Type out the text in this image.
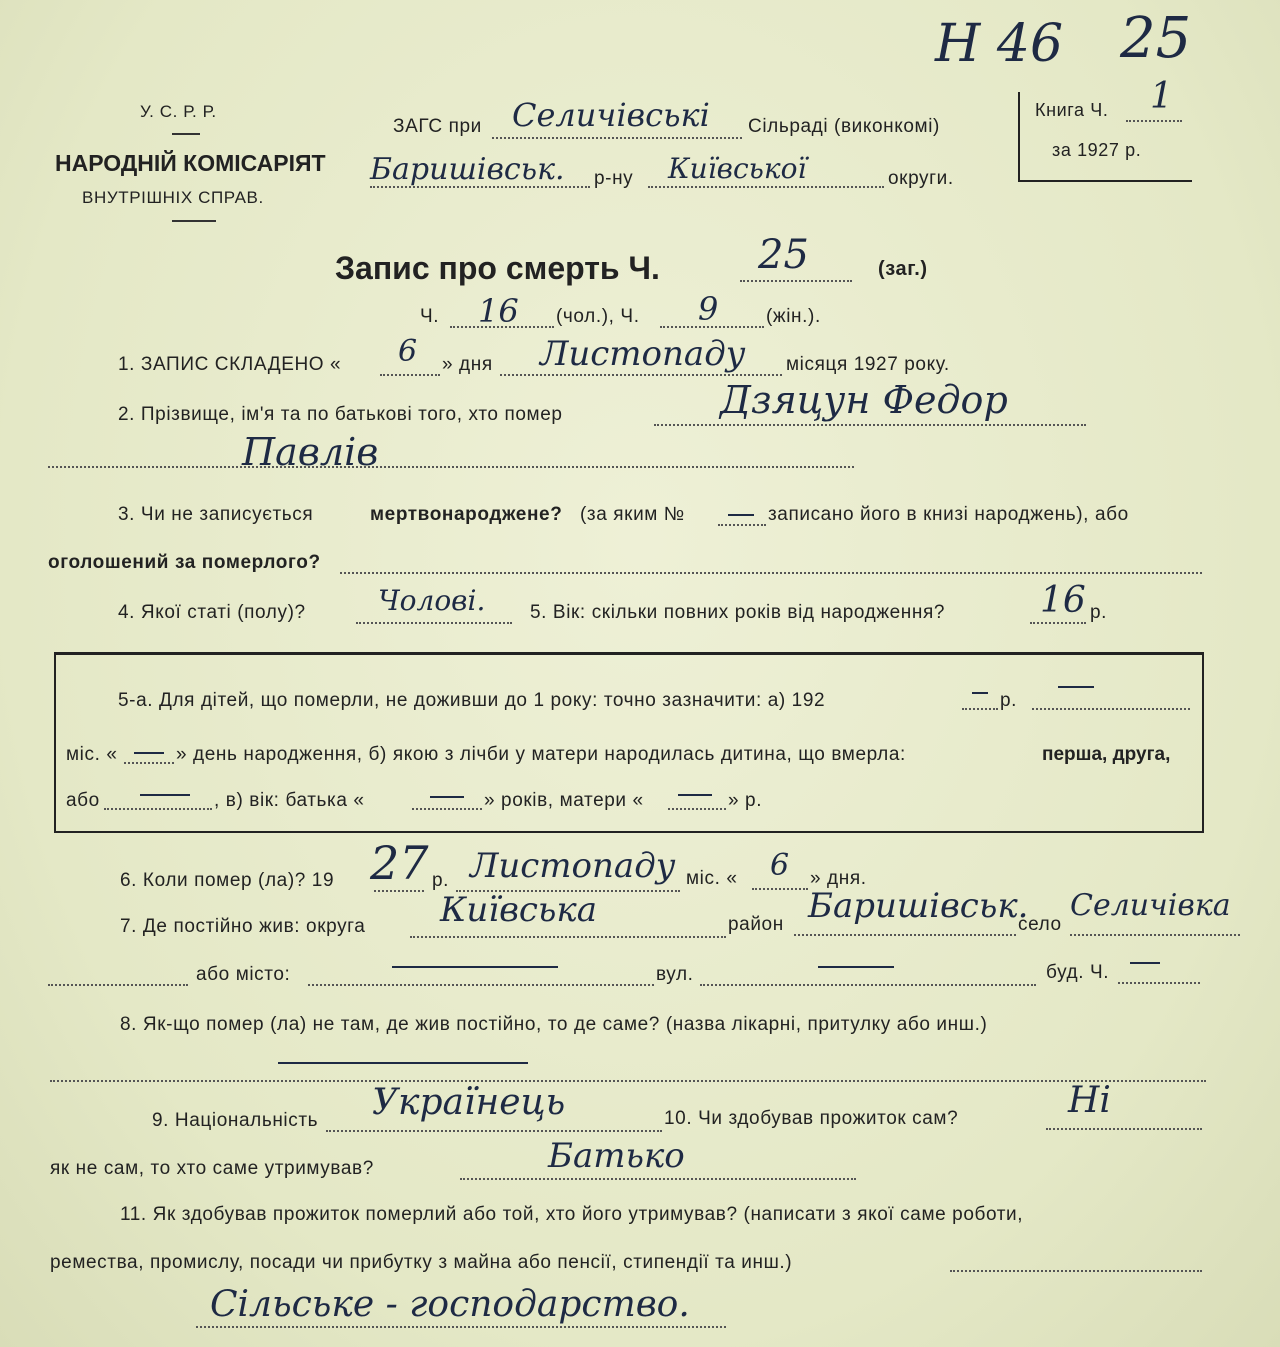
Н 46 25
У. С. Р. Р.
НАРОДНІЙ КОМІСАРІЯТ
ВНУТРІШНІХ СПРАВ.
ЗАГС при Селичівські Сільраді (виконкомі)
Баришівськ. р-ну Київської	округи.
Книга Ч. 1
за 1927 р.
Запис про смерть Ч. 25	(заг.)
Ч. 16 (чол.), Ч. 9	(жін.).
1. ЗАПИС СКЛАДЕНО « 6 » дня Листопаду місяця 1927 року.
2. Прізвище, ім'я та по батькові того, хто помер	Дзяцун Федор
Павлів
3. Чи не записується	мертвонароджене? (за яким №	записано його в книзі народжень), або
оголошений за померлого?
4. Якої статі (полу)?	Чолові. 5. Вік: скільки повних років від народження?	16 р.
5-а. Для дітей, що померли, не доживши до 1 року: точно зазначити: а) 192	р.
міс. «	» день народження, б) якою з лічби у матери народилась дитина, що вмерла:	перша, друга,
або	, в) вік: батька «	» років, матери «	» р.
6. Коли помер (ла)? 19 27 р. Листопаду міс. « 6 » дня.
7. Де постійно жив: округа Київська	район Баришівськ.
село
Селичівка
або місто:	вул.	буд. Ч.
8. Як-що помер (ла) не там, де жив постійно, то де саме? (назва лікарні, притулку або инш.)
9. Національність Українець	10. Чи здобував прожиток сам?	Ні
як не сам, то хто саме утримував?	Батько
11. Як здобував прожиток померлий або той, хто його утримував? (написати з якої саме роботи,
ремества, промислу, посади чи прибутку з майна або пенсії, стипендії та инш.)
Сільське - господарство.
